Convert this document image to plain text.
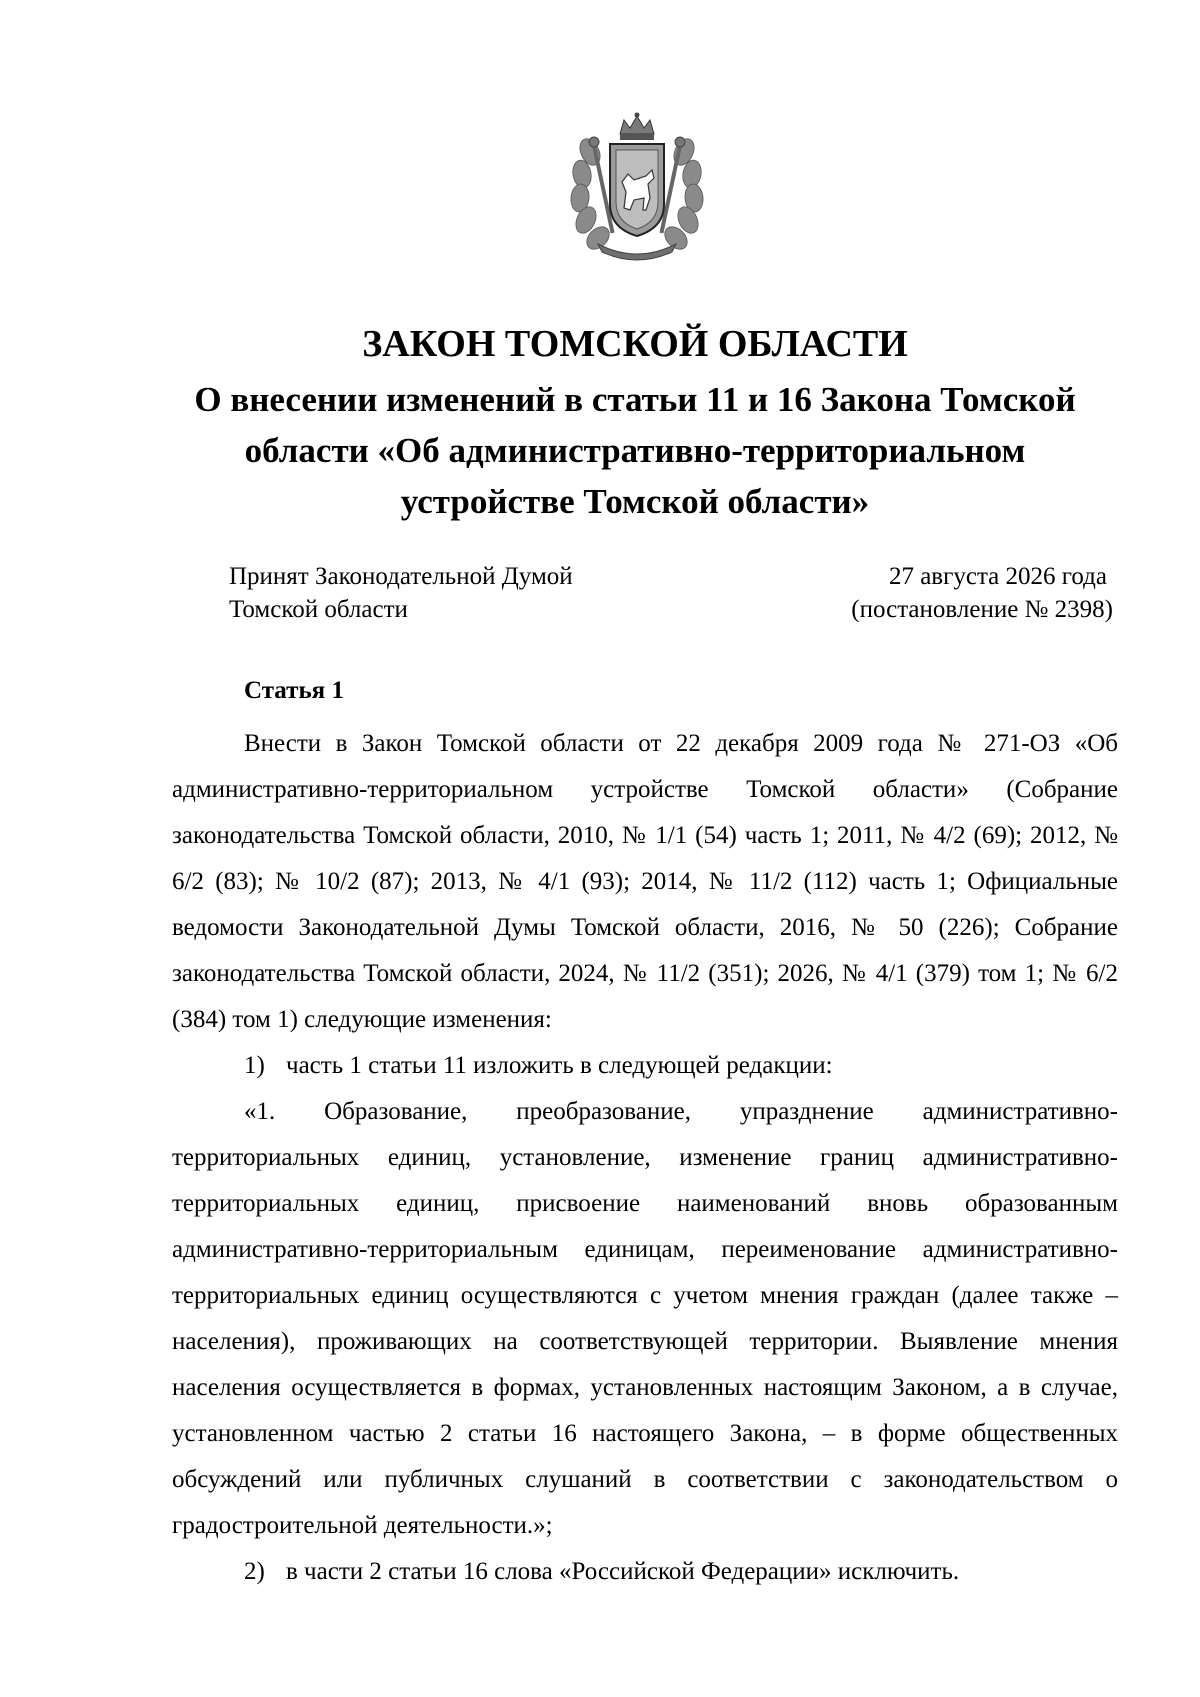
ЗАКОН ТОМСКОЙ ОБЛАСТИ
О внесении изменений в статьи 11 и 16 Закона Томской
области «Об административно-территориальном
устройстве Томской области»
Принят Законодательной Думой
Томской области
27 августа 2026 года
(постановление № 2398)
Статья 1

Внести в Закон Томской области от 22 декабря 2009 года № 271-ОЗ «Об административно-территориальном устройстве Томской области» (Собрание законодательства Томской области, 2010, № 1/1 (54) часть 1; 2011, № 4/2 (69); 2012, № 6/2 (83); № 10/2 (87); 2013, № 4/1 (93); 2014, № 11/2 (112) часть 1; Официальные ведомости Законодательной Думы Томской области, 2016, № 50 (226); Собрание законодательства Томской области, 2024, № 11/2 (351); 2026, № 4/1 (379) том 1; № 6/2 (384) том 1) следующие изменения:

1) часть 1 статьи 11 изложить в следующей редакции:

«1. Образование, преобразование, упразднение административно-территориальных единиц, установление, изменение границ административно-территориальных единиц, присвоение наименований вновь образованным административно-территориальным единицам, переименование административно-территориальных единиц осуществляются с учетом мнения граждан (далее также – населения), проживающих на соответствующей территории. Выявление мнения населения осуществляется в формах, установленных настоящим Законом, а в случае, установленном частью 2 статьи 16 настоящего Закона, – в форме общественных обсуждений или публичных слушаний в соответствии с законодательством о градостроительной деятельности.»;

2) в части 2 статьи 16 слова «Российской Федерации» исключить.
